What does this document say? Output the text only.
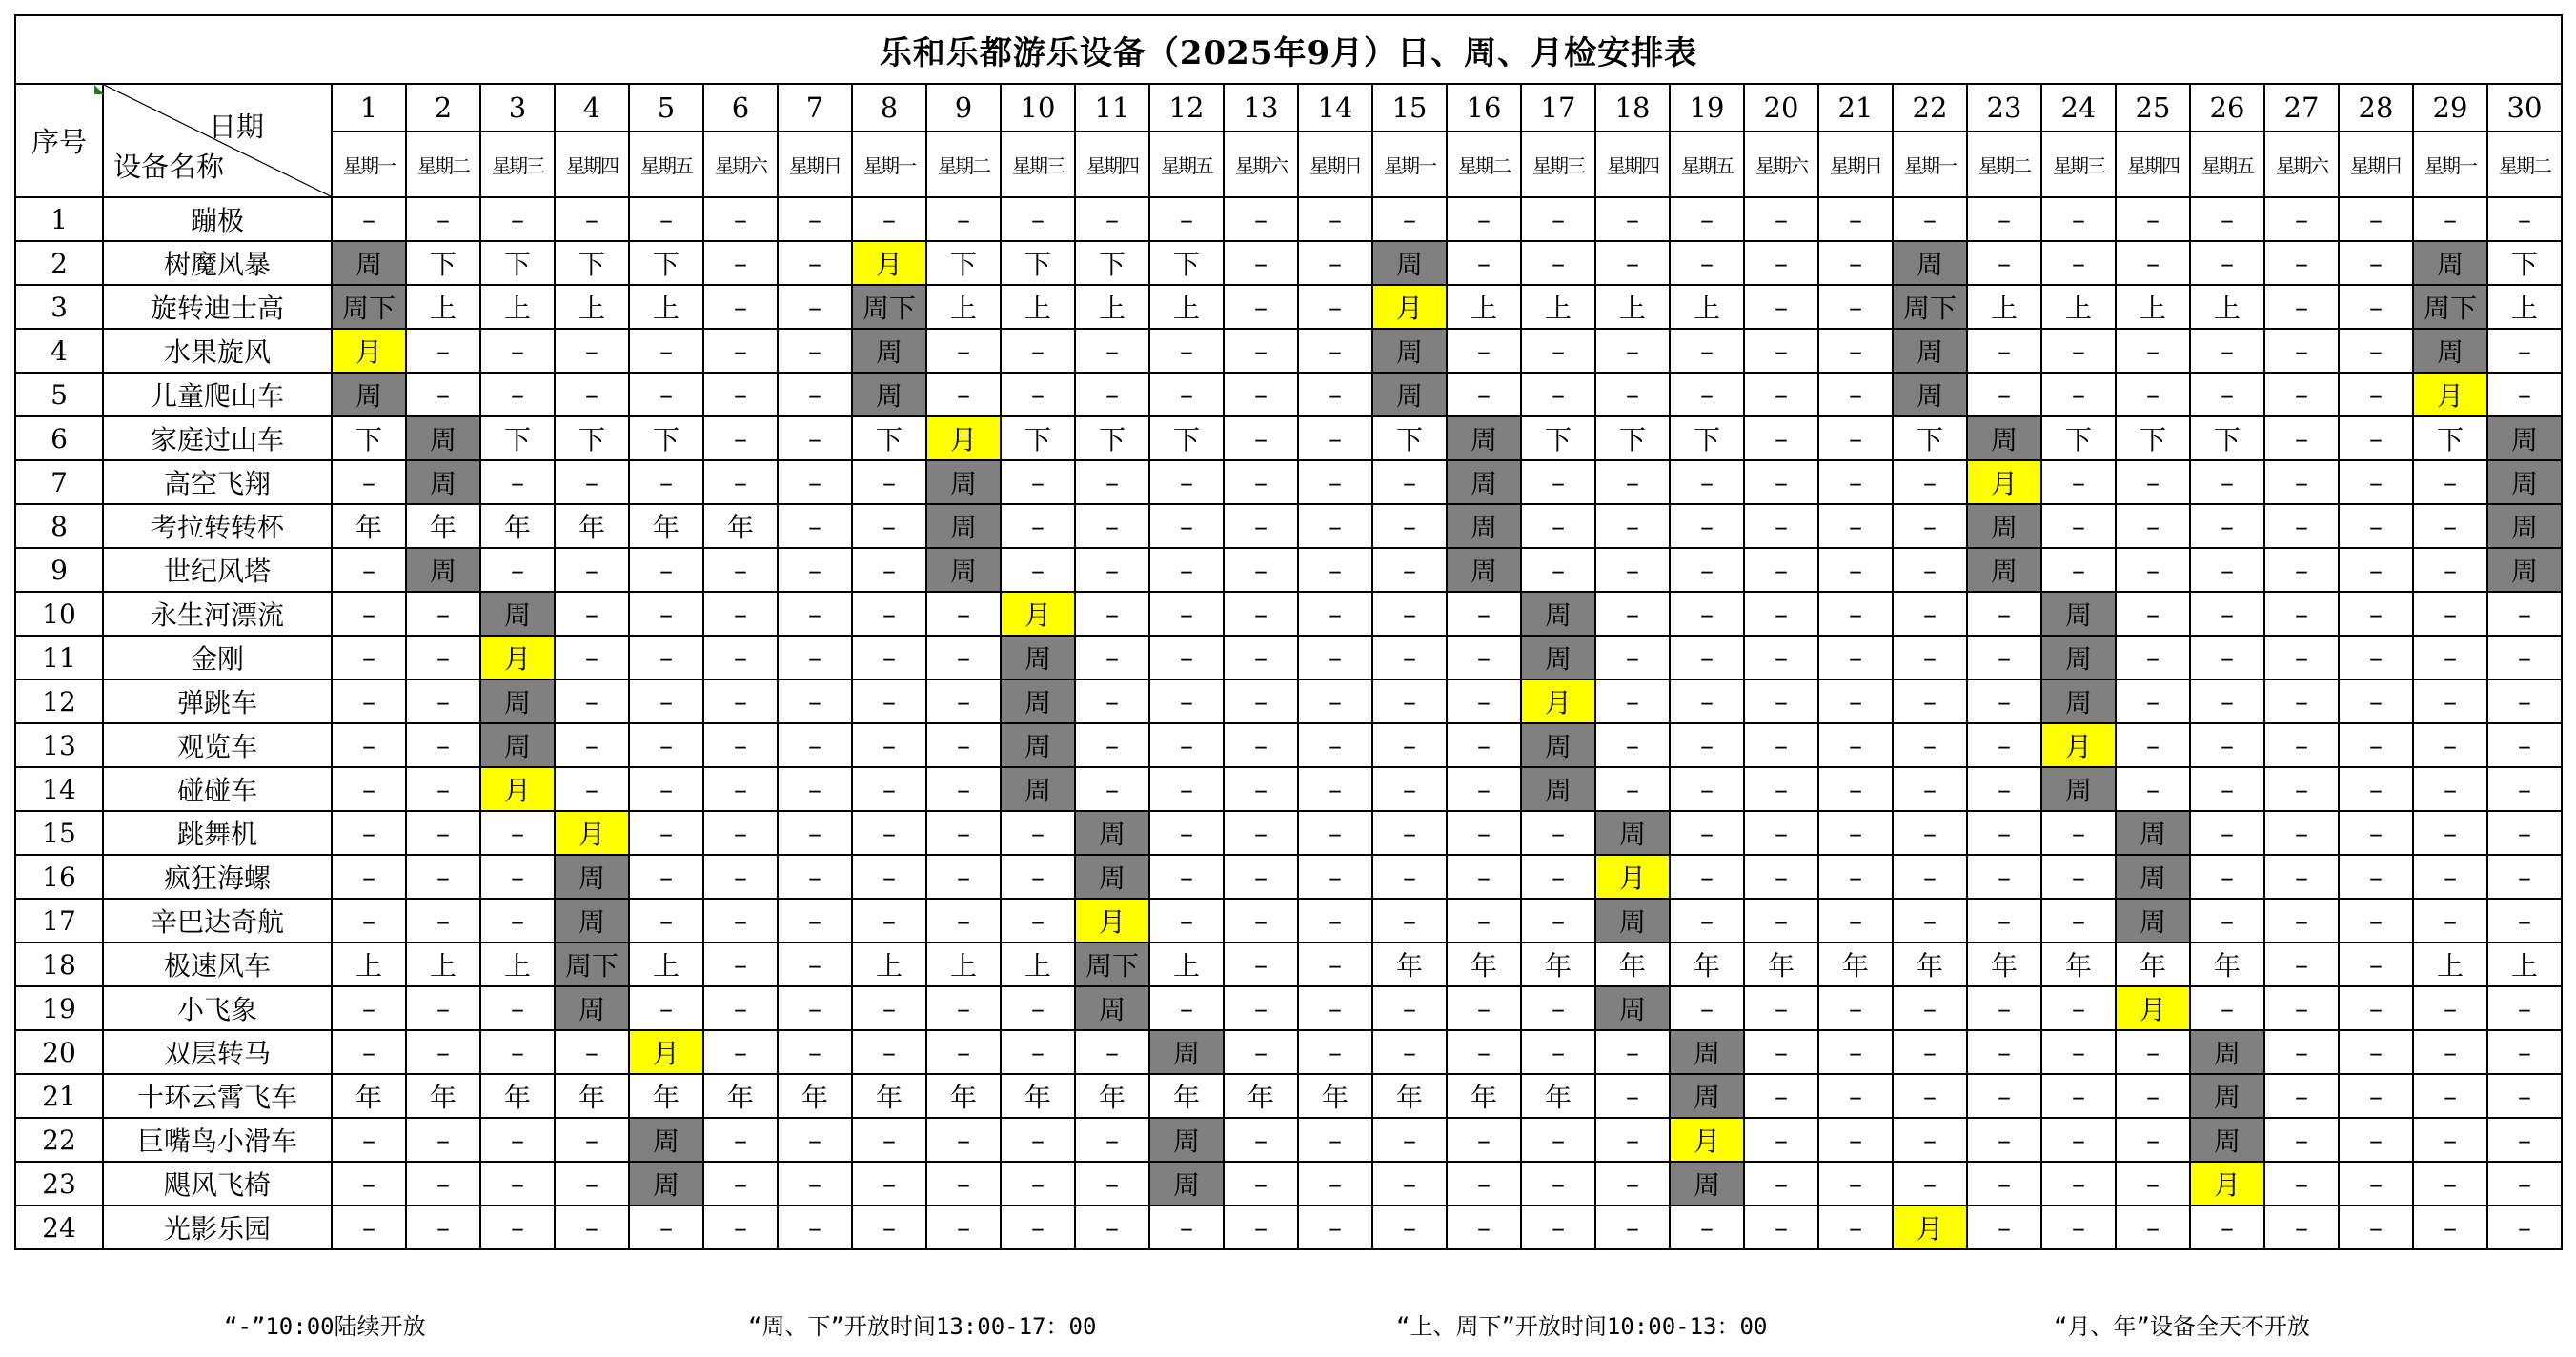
乐和乐都游乐设备（2025年9月）日、周、月检安排表																															
序号	日期
设备名称	1	2	3	4	5	6	7	8	9	10	11	12	13	14	15	16	17	18	19	20	21	22	23	24	25	26	27	28	29	30
		星期一	星期二	星期三	星期四	星期五	星期六	星期日	星期一	星期二	星期三	星期四	星期五	星期六	星期日	星期一	星期二	星期三	星期四	星期五	星期六	星期日	星期一	星期二	星期三	星期四	星期五	星期六	星期日	星期一	星期二
1	蹦极	–	–	–	–	–	–	–	–	–	–	–	–	–	–	–	–	–	–	–	–	–	–	–	–	–	–	–	–	–	–
2	树魔风暴	周	下	下	下	下	–	–	月	下	下	下	下	–	–	周	–	–	–	–	–	–	周	–	–	–	–	–	–	周	下
3	旋转迪士高	周下	上	上	上	上	–	–	周下	上	上	上	上	–	–	月	上	上	上	上	–	–	周下	上	上	上	上	–	–	周下	上
4	水果旋风	月	–	–	–	–	–	–	周	–	–	–	–	–	–	周	–	–	–	–	–	–	周	–	–	–	–	–	–	周	–
5	儿童爬山车	周	–	–	–	–	–	–	周	–	–	–	–	–	–	周	–	–	–	–	–	–	周	–	–	–	–	–	–	月	–
6	家庭过山车	下	周	下	下	下	–	–	下	月	下	下	下	–	–	下	周	下	下	下	–	–	下	周	下	下	下	–	–	下	周
7	高空飞翔	–	周	–	–	–	–	–	–	周	–	–	–	–	–	–	周	–	–	–	–	–	–	月	–	–	–	–	–	–	周
8	考拉转转杯	年	年	年	年	年	年	–	–	周	–	–	–	–	–	–	周	–	–	–	–	–	–	周	–	–	–	–	–	–	周
9	世纪风塔	–	周	–	–	–	–	–	–	周	–	–	–	–	–	–	周	–	–	–	–	–	–	周	–	–	–	–	–	–	周
10	永生河漂流	–	–	周	–	–	–	–	–	–	月	–	–	–	–	–	–	周	–	–	–	–	–	–	周	–	–	–	–	–	–
11	金刚	–	–	月	–	–	–	–	–	–	周	–	–	–	–	–	–	周	–	–	–	–	–	–	周	–	–	–	–	–	–
12	弹跳车	–	–	周	–	–	–	–	–	–	周	–	–	–	–	–	–	月	–	–	–	–	–	–	周	–	–	–	–	–	–
13	观览车	–	–	周	–	–	–	–	–	–	周	–	–	–	–	–	–	周	–	–	–	–	–	–	月	–	–	–	–	–	–
14	碰碰车	–	–	月	–	–	–	–	–	–	周	–	–	–	–	–	–	周	–	–	–	–	–	–	周	–	–	–	–	–	–
15	跳舞机	–	–	–	月	–	–	–	–	–	–	周	–	–	–	–	–	–	周	–	–	–	–	–	–	周	–	–	–	–	–
16	疯狂海螺	–	–	–	周	–	–	–	–	–	–	周	–	–	–	–	–	–	月	–	–	–	–	–	–	周	–	–	–	–	–
17	辛巴达奇航	–	–	–	周	–	–	–	–	–	–	月	–	–	–	–	–	–	周	–	–	–	–	–	–	周	–	–	–	–	–
18	极速风车	上	上	上	周下	上	–	–	上	上	上	周下	上	–	–	年	年	年	年	年	年	年	年	年	年	年	年	–	–	上	上
19	小飞象	–	–	–	周	–	–	–	–	–	–	周	–	–	–	–	–	–	周	–	–	–	–	–	–	月	–	–	–	–	–
20	双层转马	–	–	–	–	月	–	–	–	–	–	–	周	–	–	–	–	–	–	周	–	–	–	–	–	–	周	–	–	–	–
21	十环云霄飞车	年	年	年	年	年	年	年	年	年	年	年	年	年	年	年	年	年	–	周	–	–	–	–	–	–	周	–	–	–	–
22	巨嘴鸟小滑车	–	–	–	–	周	–	–	–	–	–	–	周	–	–	–	–	–	–	月	–	–	–	–	–	–	周	–	–	–	–
23	飓风飞椅	–	–	–	–	周	–	–	–	–	–	–	周	–	–	–	–	–	–	周	–	–	–	–	–	–	月	–	–	–	–
24	光影乐园	–	–	–	–	–	–	–	–	–	–	–	–	–	–	–	–	–	–	–	–	–	月	–	–	–	–	–	–	–	–
“-”10:00陆续开放	“周、下”开放时间13:00-17：00	“上、周下”开放时间10:00-13：00	“月、年”设备全天不开放
